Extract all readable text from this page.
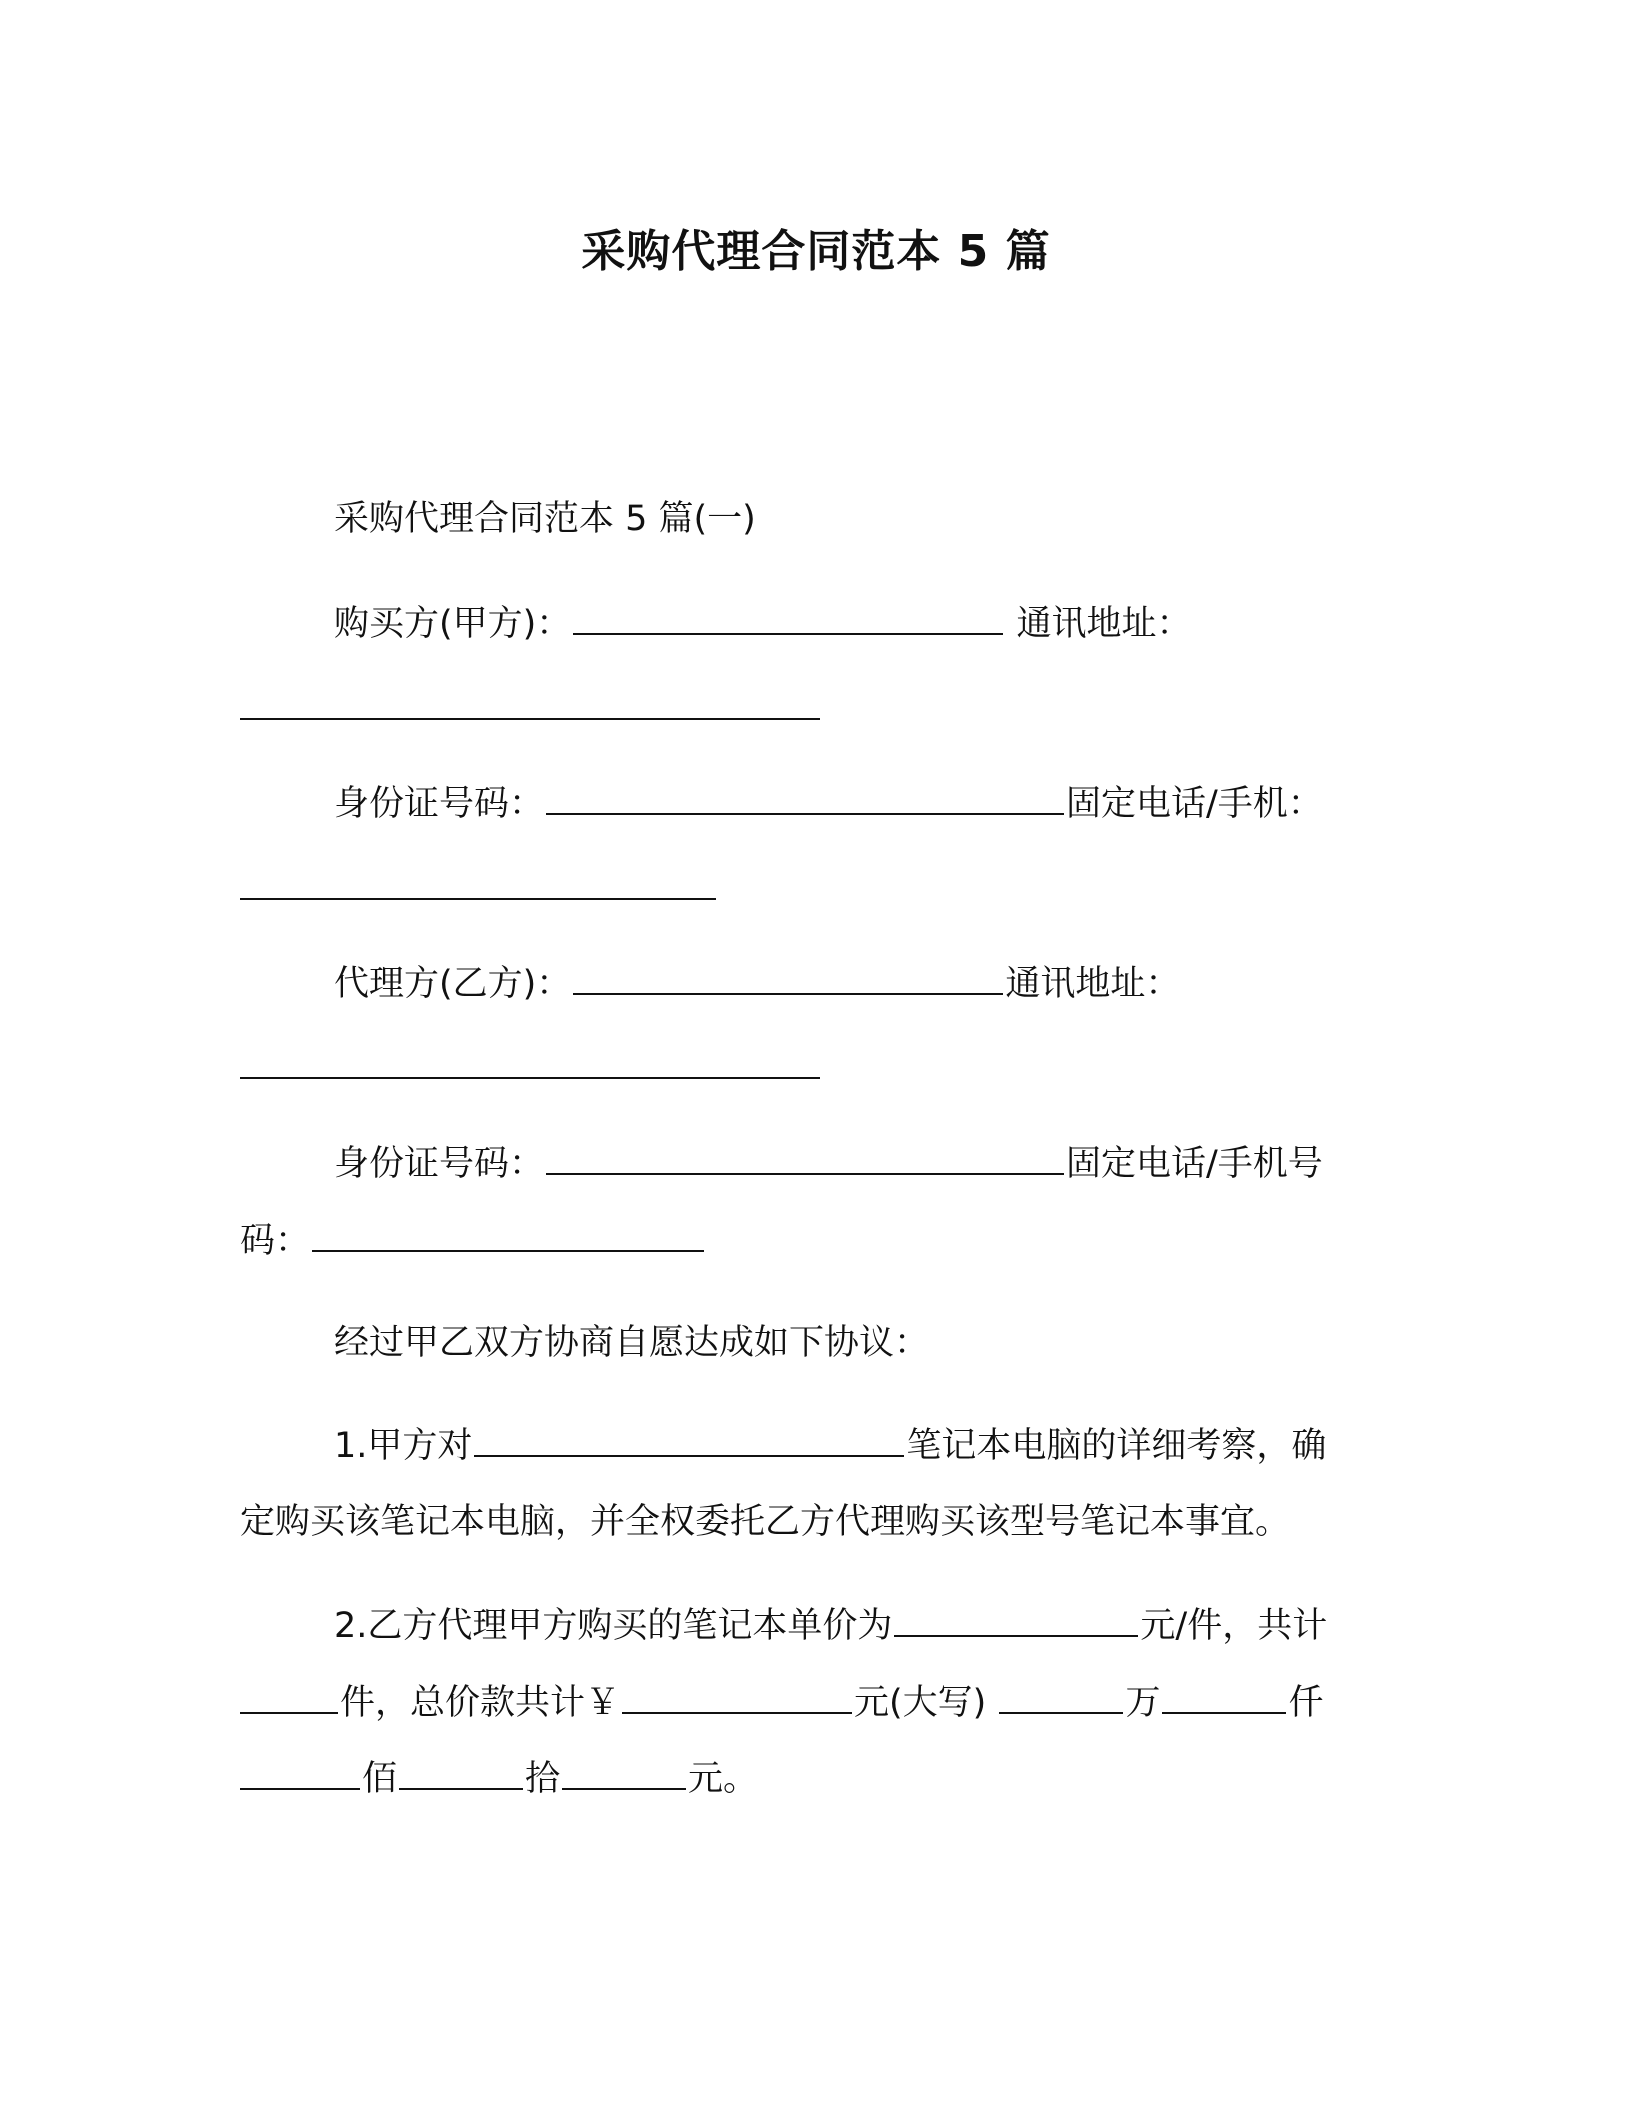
采购代理合同范本 5 篇
采购代理合同范本 5 篇(一)
购买方(甲方)：	通讯地址：
身份证号码：	固定电话/手机：
代理方(乙方)：	通讯地址：
身份证号码：	固定电话/手机号
码：
经过甲乙双方协商自愿达成如下协议：
1.甲方对	笔记本电脑的详细考察，确
定购买该笔记本电脑，并全权委托乙方代理购买该型号笔记本事宜。
2.乙方代理甲方购买的笔记本单价为	元/件，共计
件，总价款共计￥	元(大写)	万	仟
佰	拾	元。
